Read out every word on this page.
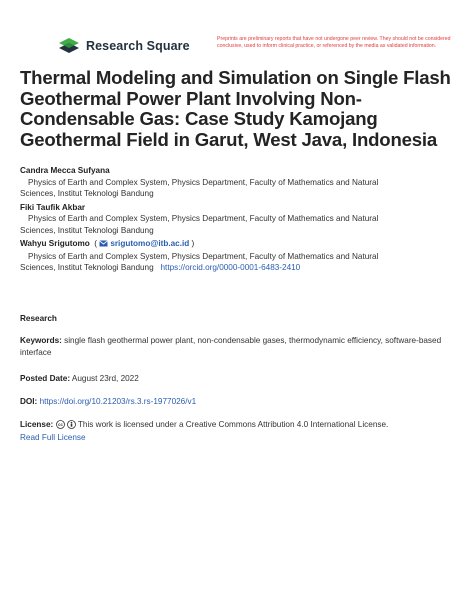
Research Square	Preprints are preliminary reports that have not undergone peer review. They should not be considered conclusive, used to inform clinical practice, or referenced by the media as validated information.
Thermal Modeling and Simulation on Single Flash Geothermal Power Plant Involving Non-Condensable Gas: Case Study Kamojang Geothermal Field in Garut, West Java, Indonesia
Candra Mecca Sufyana
Physics of Earth and Complex System, Physics Department, Faculty of Mathematics and Natural
Sciences, Institut Teknologi Bandung
Fiki Taufik Akbar
Physics of Earth and Complex System, Physics Department, Faculty of Mathematics and Natural
Sciences, Institut Teknologi Bandung
Wahyu Srigutomo  ( srigutomo@itb.ac.id )
Physics of Earth and Complex System, Physics Department, Faculty of Mathematics and Natural
Sciences, Institut Teknologi Bandung https://orcid.org/0000-0001-6483-2410
Research
Keywords: single flash geothermal power plant, non-condensable gases, thermodynamic efficiency, software-based interface
Posted Date: August 23rd, 2022
DOI: https://doi.org/10.21203/rs.3.rs-1977026/v1
License: cc This work is licensed under a Creative Commons Attribution 4.0 International License.
Read Full License
